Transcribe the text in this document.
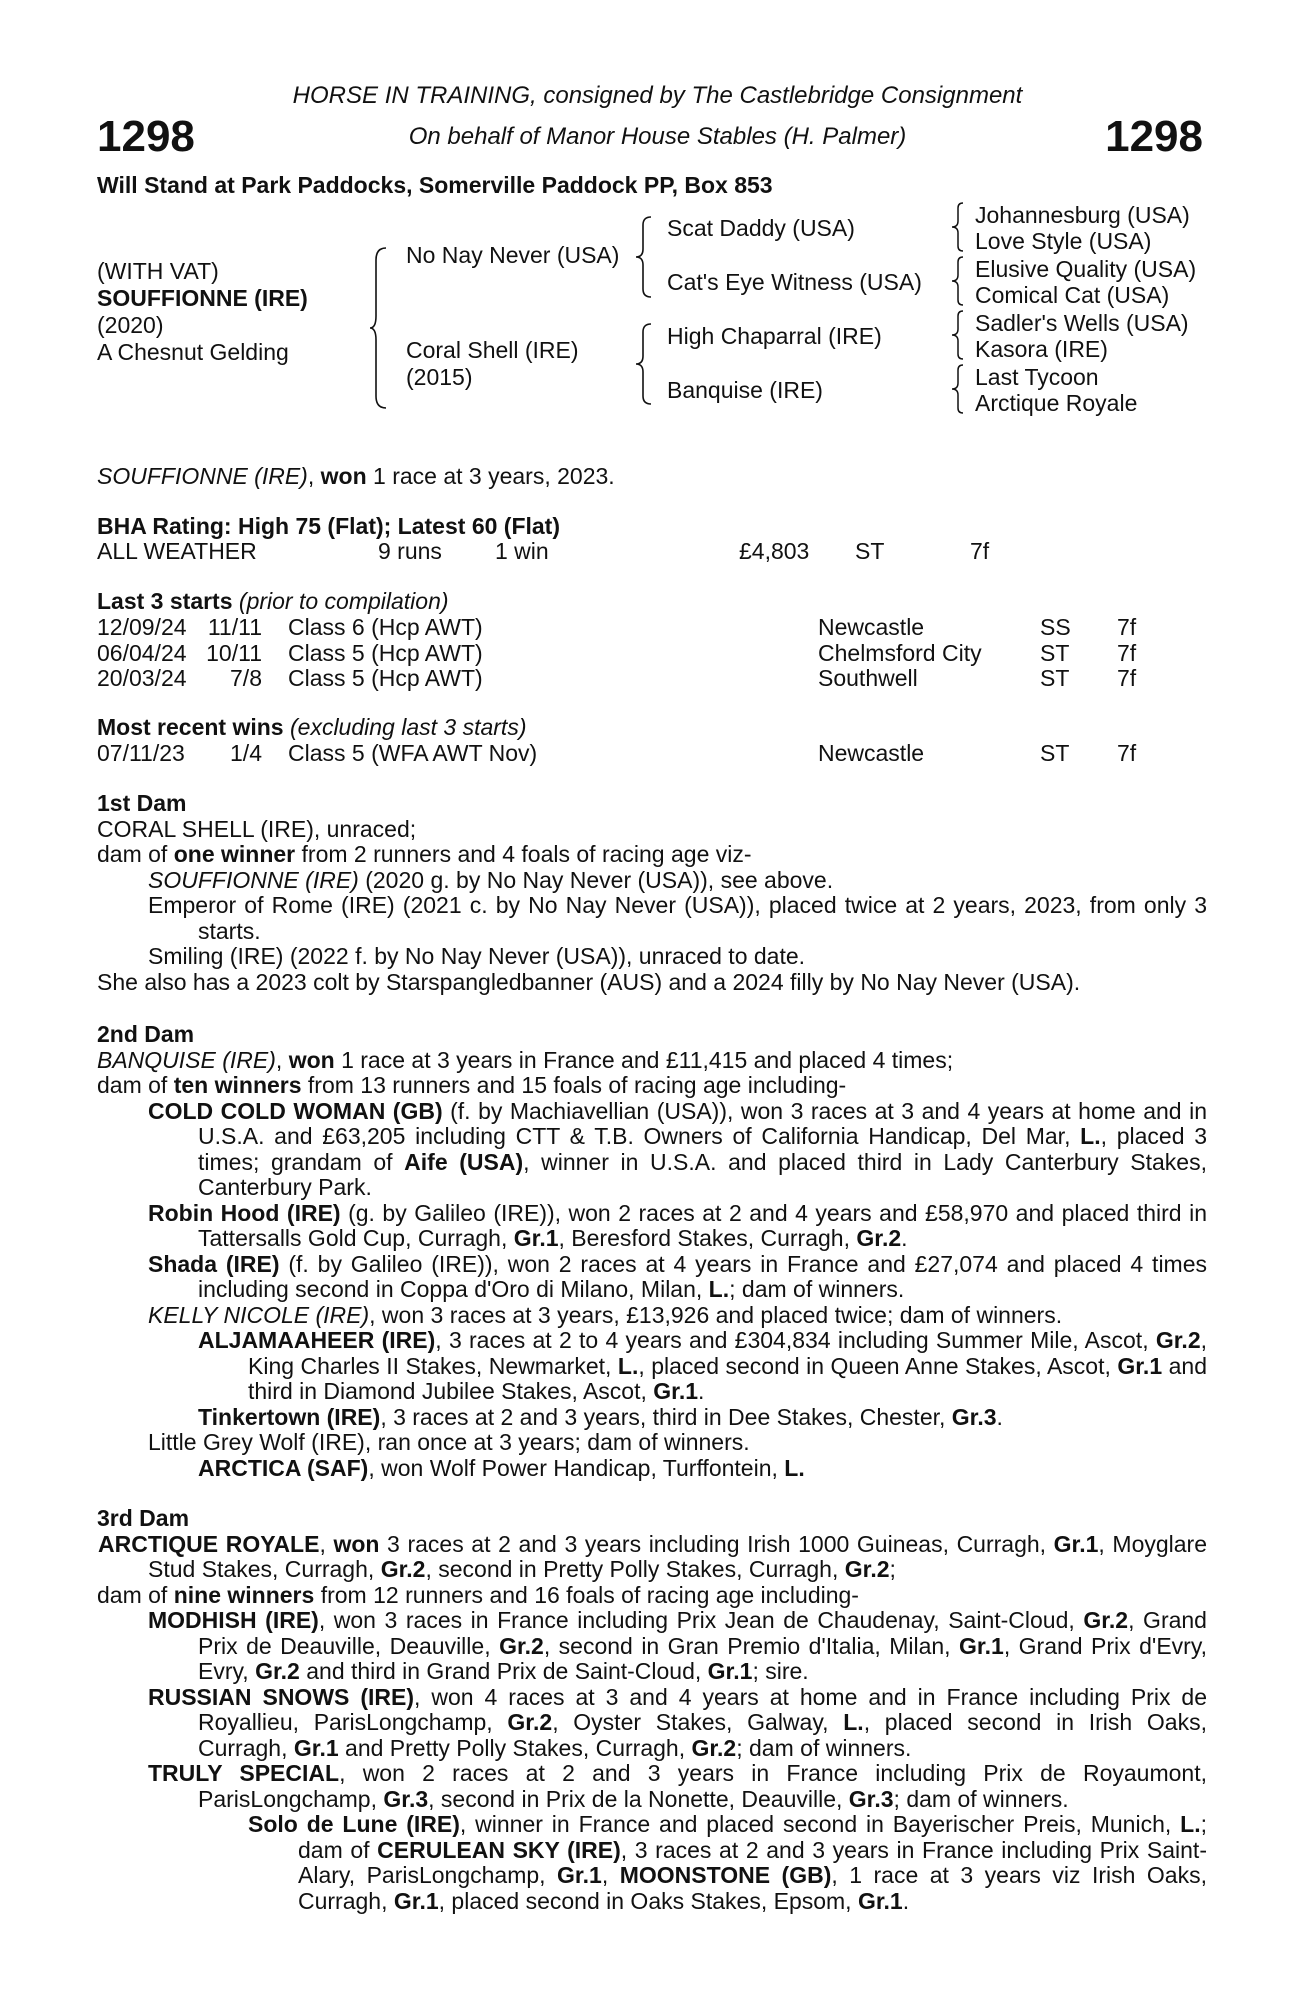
1298	1298
HORSE IN TRAINING, consigned by The Castlebridge Consignment
On behalf of Manor House Stables (H. Palmer)
Will Stand at Park Paddocks, Somerville Paddock PP, Box 853
(WITH VAT)
SOUFFIONNE (IRE)
(2020)
A Chesnut Gelding
No Nay Never (USA)
Coral Shell (IRE)
(2015)
Scat Daddy (USA)
Cat's Eye Witness (USA)
High Chaparral (IRE)
Banquise (IRE)
Johannesburg (USA)
Love Style (USA)
Elusive Quality (USA)
Comical Cat (USA)
Sadler's Wells (USA)
Kasora (IRE)
Last Tycoon
Arctique Royale
SOUFFIONNE (IRE), won 1 race at 3 years, 2023.
BHA Rating: High 75 (Flat); Latest 60 (Flat)
ALL WEATHER	9 runs 1 win	£4,803 ST	7f
Last 3 starts (prior to compilation)
12/09/24 11/11 Class 6 (Hcp AWT)	Newcastle	SS 7f
06/04/24 10/11 Class 5 (Hcp AWT)	Chelmsford City	ST 7f
20/03/24	7/8 Class 5 (Hcp AWT)	Southwell	ST 7f
Most recent wins (excluding last 3 starts)
07/11/23	1/4 Class 5 (WFA AWT Nov)	Newcastle	ST 7f

1st Dam

CORAL SHELL (IRE), unraced;

dam of one winner from 2 runners and 4 foals of racing age viz-

SOUFFIONNE (IRE) (2020 g. by No Nay Never (USA)), see above.

Emperor of Rome (IRE) (2021 c. by No Nay Never (USA)), placed twice at 2 years, 2023, from only 3 starts.

Smiling (IRE) (2022 f. by No Nay Never (USA)), unraced to date.

She also has a 2023 colt by Starspangledbanner (AUS) and a 2024 filly by No Nay Never (USA).

2nd Dam

BANQUISE (IRE), won 1 race at 3 years in France and £11,415 and placed 4 times;

dam of ten winners from 13 runners and 15 foals of racing age including-

COLD COLD WOMAN (GB) (f. by Machiavellian (USA)), won 3 races at 3 and 4 years at home and in U.S.A. and £63,205 including CTT & T.B. Owners of California Handicap, Del Mar, L., placed 3 times; grandam of Aife (USA), winner in U.S.A. and placed third in Lady Canterbury Stakes, Canterbury Park.

Robin Hood (IRE) (g. by Galileo (IRE)), won 2 races at 2 and 4 years and £58,970 and placed third in Tattersalls Gold Cup, Curragh, Gr.1, Beresford Stakes, Curragh, Gr.2.

Shada (IRE) (f. by Galileo (IRE)), won 2 races at 4 years in France and £27,074 and placed 4 times including second in Coppa d'Oro di Milano, Milan, L.; dam of winners.

KELLY NICOLE (IRE), won 3 races at 3 years, £13,926 and placed twice; dam of winners.

ALJAMAAHEER (IRE), 3 races at 2 to 4 years and £304,834 including Summer Mile, Ascot, Gr.2, King Charles II Stakes, Newmarket, L., placed second in Queen Anne Stakes, Ascot, Gr.1 and third in Diamond Jubilee Stakes, Ascot, Gr.1.

Tinkertown (IRE), 3 races at 2 and 3 years, third in Dee Stakes, Chester, Gr.3.

Little Grey Wolf (IRE), ran once at 3 years; dam of winners.

ARCTICA (SAF), won Wolf Power Handicap, Turffontein, L.

3rd Dam

ARCTIQUE ROYALE, won 3 races at 2 and 3 years including Irish 1000 Guineas, Curragh, Gr.1, Moyglare Stud Stakes, Curragh, Gr.2, second in Pretty Polly Stakes, Curragh, Gr.2;

dam of nine winners from 12 runners and 16 foals of racing age including-

MODHISH (IRE), won 3 races in France including Prix Jean de Chaudenay, Saint-Cloud, Gr.2, Grand Prix de Deauville, Deauville, Gr.2, second in Gran Premio d'Italia, Milan, Gr.1, Grand Prix d'Evry, Evry, Gr.2 and third in Grand Prix de Saint-Cloud, Gr.1; sire.

RUSSIAN SNOWS (IRE), won 4 races at 3 and 4 years at home and in France including Prix de Royallieu, ParisLongchamp, Gr.2, Oyster Stakes, Galway, L., placed second in Irish Oaks, Curragh, Gr.1 and Pretty Polly Stakes, Curragh, Gr.2; dam of winners.

TRULY SPECIAL, won 2 races at 2 and 3 years in France including Prix de Royaumont, ParisLongchamp, Gr.3, second in Prix de la Nonette, Deauville, Gr.3; dam of winners.

Solo de Lune (IRE), winner in France and placed second in Bayerischer Preis, Munich, L.; dam of CERULEAN SKY (IRE), 3 races at 2 and 3 years in France including Prix Saint-Alary, ParisLongchamp, Gr.1, MOONSTONE (GB), 1 race at 3 years viz Irish Oaks, Curragh, Gr.1, placed second in Oaks Stakes, Epsom, Gr.1.
